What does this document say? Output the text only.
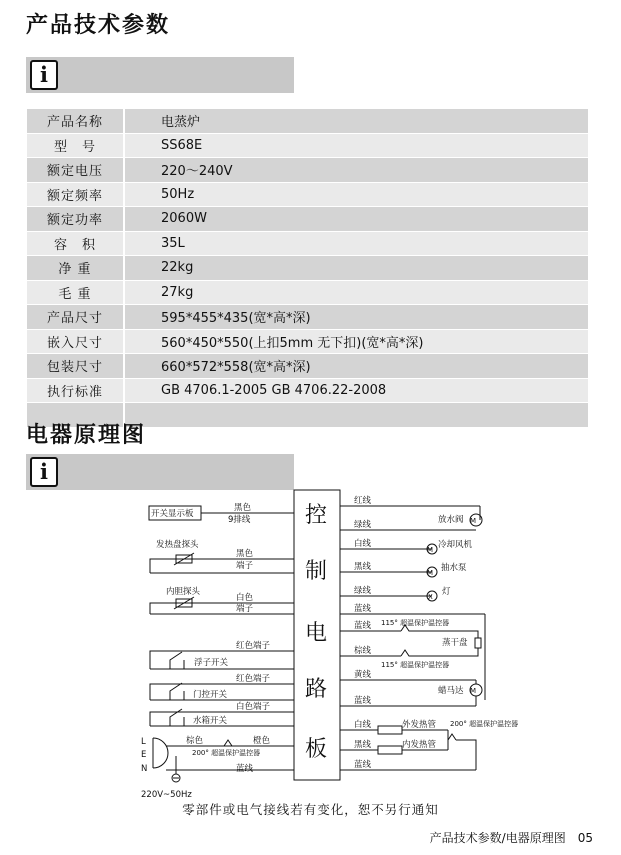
产品技术参数
i
产品名称	电蒸炉
型　号	SS68E
额定电压	220～240V
额定频率	50Hz
额定功率	2060W
容　积	35L
净 重	22kg
毛 重	27kg
产品尺寸	595*455*435(宽*高*深)
嵌入尺寸	560*450*550(上扣5mm 无下扣)(宽*高*深)
包装尺寸	660*572*558(宽*高*深)
执行标准	GB 4706.1-2005 GB 4706.22-2008

电器原理图
i
控
制
电
路
板
开关显示板
黑色
9排线
发热盘探头
黑色
端子
内胆探头
白色
端子
红色端子
浮子开关
红色端子
门控开关
白色端子
水箱开关
L
E
N
棕色	橙色
200° 超温保护温控器
蓝线
220V~50Hz
红线
绿线	M
放水阀
白线
M 冷却风机
黑线
M 抽水泵
绿线
X 灯
蓝线
蓝线 115° 超温保护温控器
蒸干盘
棕线
115° 超温保护温控器
黄线
M
蜡马达
蓝线
白线	外发热管 200° 超温保护温控器
黑线	内发热管
蓝线
零部件或电气接线若有变化，恕不另行通知
产品技术参数/电器原理图　05
